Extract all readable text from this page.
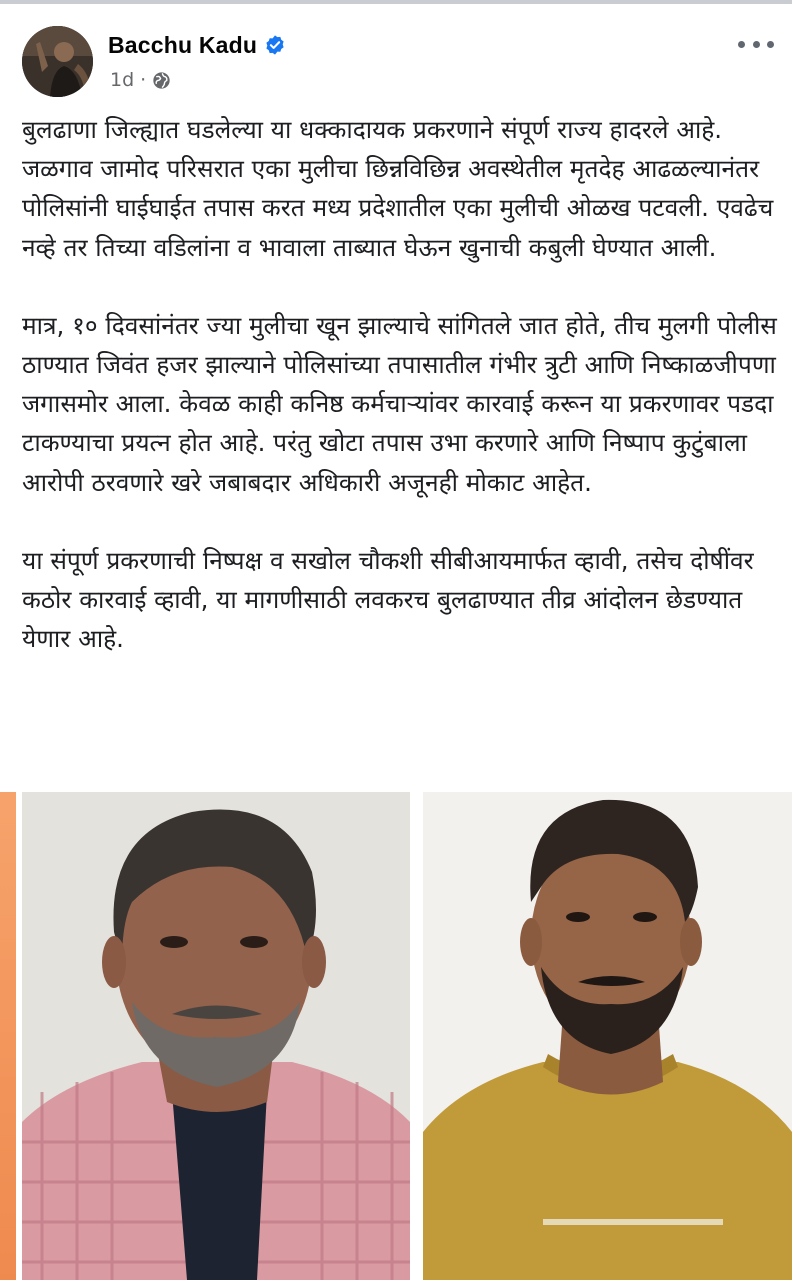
Bacchu Kadu
1d ·

बुलढाणा जिल्ह्यात घडलेल्या या धक्कादायक प्रकरणाने संपूर्ण राज्य हादरले आहे. जळगाव जामोद परिसरात एका मुलीचा छिन्नविछिन्न अवस्थेतील मृतदेह आढळल्यानंतर पोलिसांनी घाईघाईत तपास करत मध्य प्रदेशातील एका मुलीची ओळख पटवली. एवढेच नव्हे तर तिच्या वडिलांना व भावाला ताब्यात घेऊन खुनाची कबुली घेण्यात आली.

मात्र, १० दिवसांनंतर ज्या मुलीचा खून झाल्याचे सांगितले जात होते, तीच मुलगी पोलीस ठाण्यात जिवंत हजर झाल्याने पोलिसांच्या तपासातील गंभीर त्रुटी आणि निष्काळजीपणा जगासमोर आला. केवळ काही कनिष्ठ कर्मचाऱ्यांवर कारवाई करून या प्रकरणावर पडदा टाकण्याचा प्रयत्न होत आहे. परंतु खोटा तपास उभा करणारे आणि निष्पाप कुटुंबाला आरोपी ठरवणारे खरे जबाबदार अधिकारी अजूनही मोकाट आहेत.

या संपूर्ण प्रकरणाची निष्पक्ष व सखोल चौकशी सीबीआयमार्फत व्हावी, तसेच दोषींवर कठोर कारवाई व्हावी, या मागणीसाठी लवकरच बुलढाण्यात तीव्र आंदोलन छेडण्यात येणार आहे.
